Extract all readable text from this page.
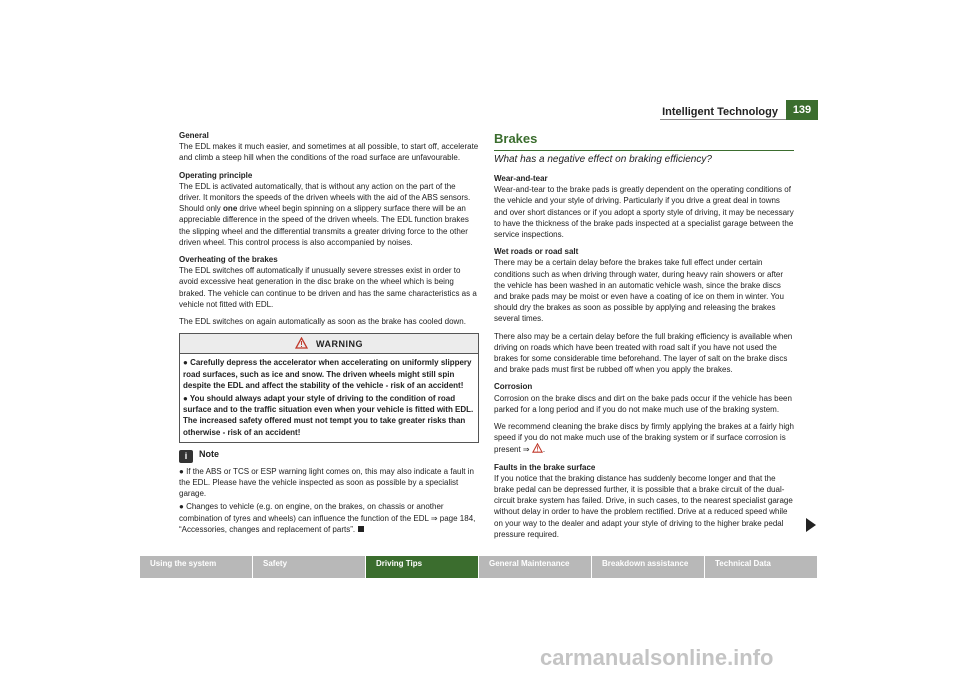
Intelligent Technology	139

General

The EDL makes it much easier, and sometimes at all possible, to start off, accelerate and climb a steep hill when the conditions of the road surface are unfavourable.

Operating principle

The EDL is activated automatically, that is without any action on the part of the driver. It monitors the speeds of the driven wheels with the aid of the ABS sensors. Should only one drive wheel begin spinning on a slippery surface there will be an appreciable difference in the speed of the driven wheels. The EDL function brakes the slipping wheel and the differential transmits a greater driving force to the other driven wheel. This control process is also accompanied by noises.

Overheating of the brakes

The EDL switches off automatically if unusually severe stresses exist in order to avoid excessive heat generation in the disc brake on the wheel which is being braked. The vehicle can continue to be driven and has the same characteristics as a vehicle not fitted with EDL.

The EDL switches on again automatically as soon as the brake has cooled down.

WARNING
● Carefully depress the accelerator when accelerating on uniformly slippery road surfaces, such as ice and snow. The driven wheels might still spin despite the EDL and affect the stability of the vehicle - risk of an accident!
● You should always adapt your style of driving to the condition of road surface and to the traffic situation even when your vehicle is fitted with EDL. The increased safety offered must not tempt you to take greater risks than otherwise - risk of an accident!
i Note
● If the ABS or TCS or ESP warning light comes on, this may also indicate a fault in the EDL. Please have the vehicle inspected as soon as possible by a specialist garage.
● Changes to vehicle (e.g. on engine, on the brakes, on chassis or another combination of tyres and wheels) can influence the function of the EDL ⇒ page 184, “Accessories, changes and replacement of parts”.
Brakes
What has a negative effect on braking efficiency?

Wear-and-tear

Wear-and-tear to the brake pads is greatly dependent on the operating conditions of the vehicle and your style of driving. Particularly if you drive a great deal in towns and over short distances or if you adopt a sporty style of driving, it may be necessary to have the thickness of the brake pads inspected at a specialist garage between the service inspections.

Wet roads or road salt

There may be a certain delay before the brakes take full effect under certain conditions such as when driving through water, during heavy rain showers or after the vehicle has been washed in an automatic vehicle wash, since the brake discs and brake pads may be moist or even have a coating of ice on them in winter. You should dry the brakes as soon as possible by applying and releasing the brakes several times.

There also may be a certain delay before the full braking efficiency is available when driving on roads which have been treated with road salt if you have not used the brakes for some considerable time beforehand. The layer of salt on the brake discs and brake pads must first be rubbed off when you apply the brakes.

Corrosion

Corrosion on the brake discs and dirt on the bake pads occur if the vehicle has been parked for a long period and if you do not make much use of the braking system.

We recommend cleaning the brake discs by firmly applying the brakes at a fairly high speed if you do not make much use of the braking system or if surface corrosion is present ⇒ .

Faults in the brake surface

If you notice that the braking distance has suddenly become longer and that the brake pedal can be depressed further, it is possible that a brake circuit of the dual-circuit brake system has failed. Drive, in such cases, to the nearest specialist garage without delay in order to have the problem rectified. Drive at a reduced speed while on your way to the dealer and adapt your style of driving to the higher brake pedal pressure required.

Using the system	Safety	Driving Tips	General Maintenance	Breakdown assistance	Technical Data
carmanualsonline.info
